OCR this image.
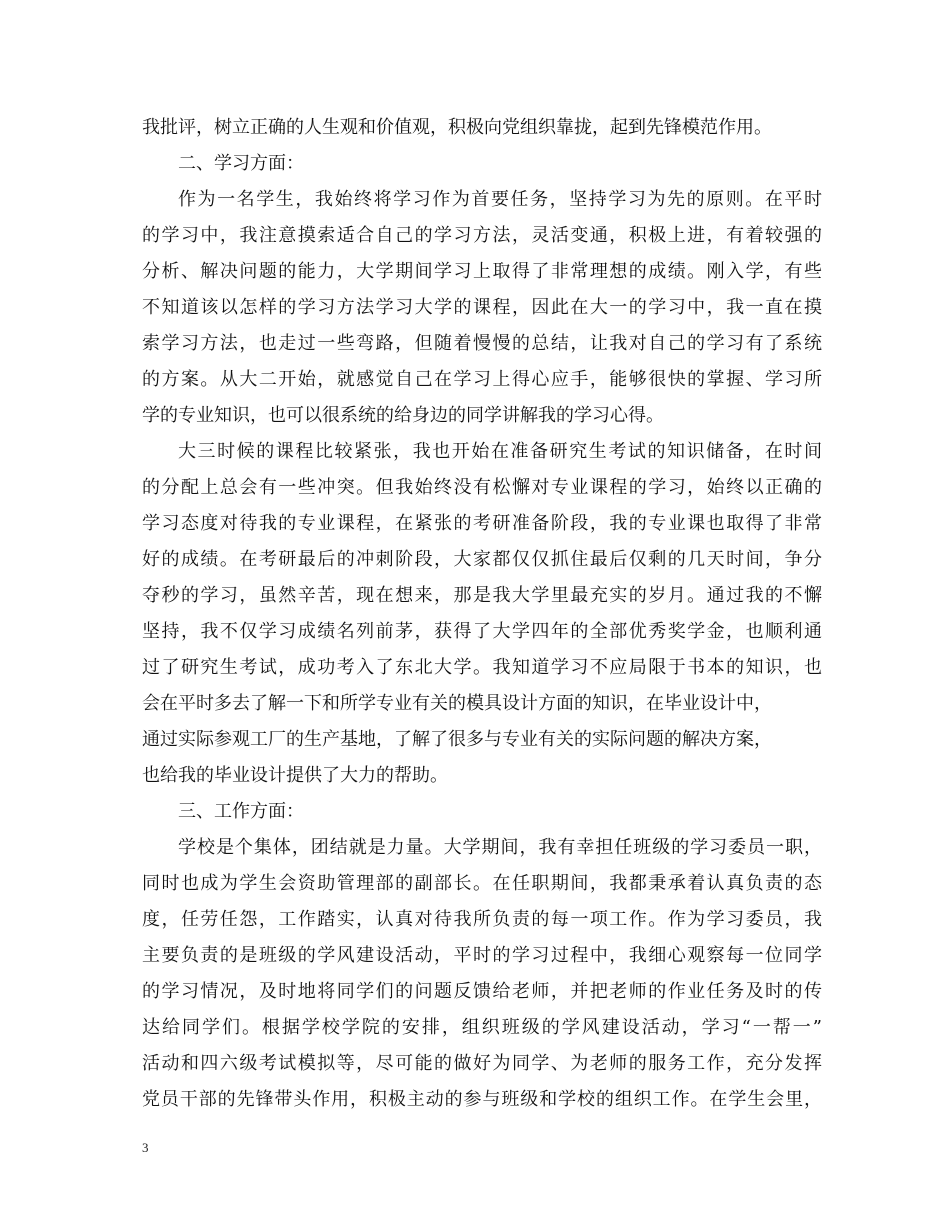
我批评，树立正确的人生观和价值观，积极向党组织靠拢，起到先锋模范作用。
二、学习方面：
作为一名学生，我始终将学习作为首要任务，坚持学习为先的原则。在平时
的学习中，我注意摸索适合自己的学习方法，灵活变通，积极上进，有着较强的
分析、解决问题的能力，大学期间学习上取得了非常理想的成绩。刚入学，有些
不知道该以怎样的学习方法学习大学的课程，因此在大一的学习中，我一直在摸
索学习方法，也走过一些弯路，但随着慢慢的总结，让我对自己的学习有了系统
的方案。从大二开始，就感觉自己在学习上得心应手，能够很快的掌握、学习所
学的专业知识，也可以很系统的给身边的同学讲解我的学习心得。
大三时候的课程比较紧张，我也开始在准备研究生考试的知识储备，在时间
的分配上总会有一些冲突。但我始终没有松懈对专业课程的学习，始终以正确的
学习态度对待我的专业课程，在紧张的考研准备阶段，我的专业课也取得了非常
好的成绩。在考研最后的冲刺阶段，大家都仅仅抓住最后仅剩的几天时间，争分
夺秒的学习，虽然辛苦，现在想来，那是我大学里最充实的岁月。通过我的不懈
坚持，我不仅学习成绩名列前茅，获得了大学四年的全部优秀奖学金，也顺利通
过了研究生考试，成功考入了东北大学。我知道学习不应局限于书本的知识，也
会在平时多去了解一下和所学专业有关的模具设计方面的知识，在毕业设计中，
通过实际参观工厂的生产基地，了解了很多与专业有关的实际问题的解决方案，
也给我的毕业设计提供了大力的帮助。
三、工作方面：
学校是个集体，团结就是力量。大学期间，我有幸担任班级的学习委员一职，
同时也成为学生会资助管理部的副部长。在任职期间，我都秉承着认真负责的态
度，任劳任怨，工作踏实，认真对待我所负责的每一项工作。作为学习委员，我
主要负责的是班级的学风建设活动，平时的学习过程中，我细心观察每一位同学
的学习情况，及时地将同学们的问题反馈给老师，并把老师的作业任务及时的传
达给同学们。根据学校学院的安排，组织班级的学风建设活动，学习“一帮一”
活动和四六级考试模拟等，尽可能的做好为同学、为老师的服务工作，充分发挥
党员干部的先锋带头作用，积极主动的参与班级和学校的组织工作。在学生会里，
3
